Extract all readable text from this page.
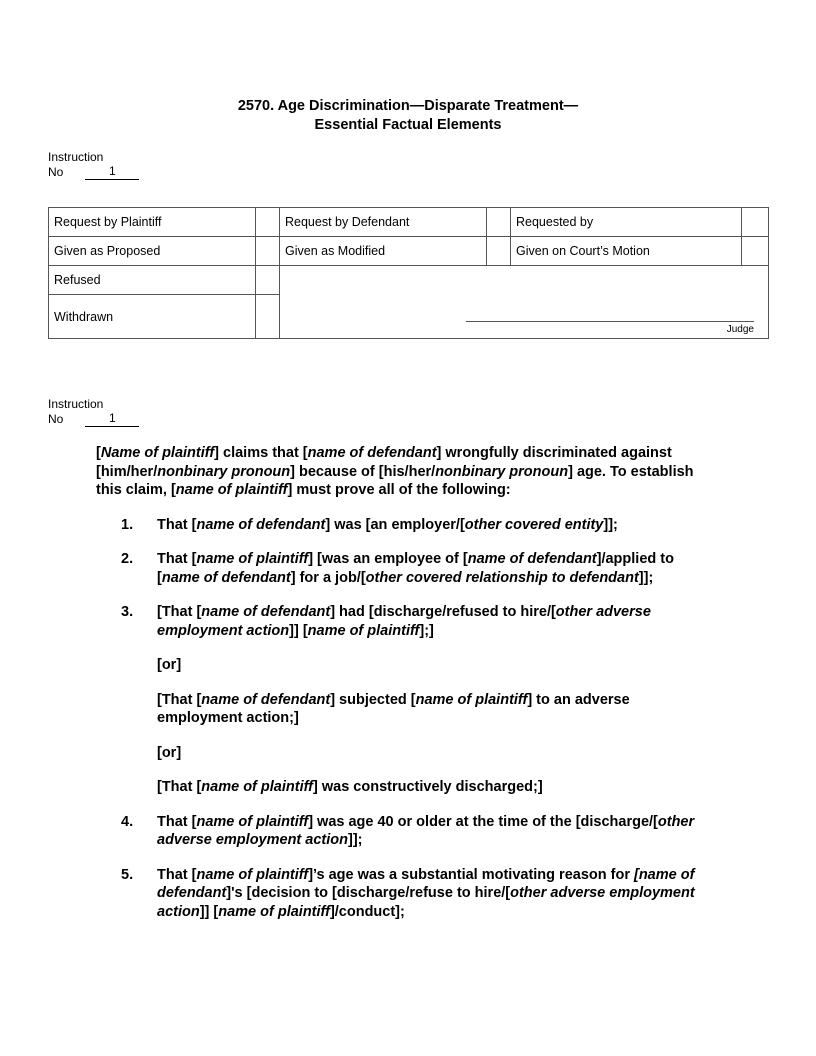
2570. Age Discrimination—Disparate Treatment—
Essential Factual Elements
Instruction
No	1
Request by Plaintiff		Request by Defendant		Requested by	
Given as Proposed		Given as Modified		Given on Court’s Motion	
Refused		Judge			

Withdrawn					
Instruction
No	1

[Name of plaintiff] claims that [name of defendant] wrongfully discriminated against [him/her/nonbinary pronoun] because of [his/her/nonbinary pronoun] age. To establish this claim, [name of plaintiff] must prove all of the following:

1. That [name of defendant] was [an employer/[other covered entity]];
2. That [name of plaintiff] [was an employee of [name of defendant]/applied to [name of defendant] for a job/[other covered relationship to defendant]];
3. [That [name of defendant] had [discharge/refused to hire/[other adverse employment action]] [name of plaintiff];]
[or]
[That [name of defendant] subjected [name of plaintiff] to an adverse employment action;]
[or]
[That [name of plaintiff] was constructively discharged;]
4. That [name of plaintiff] was age 40 or older at the time of the [discharge/[other adverse employment action]];
5. That [name of plaintiff]’s age was a substantial motivating reason for [name of defendant]'s [decision to [discharge/refuse to hire/[other adverse employment action]] [name of plaintiff]/conduct];
